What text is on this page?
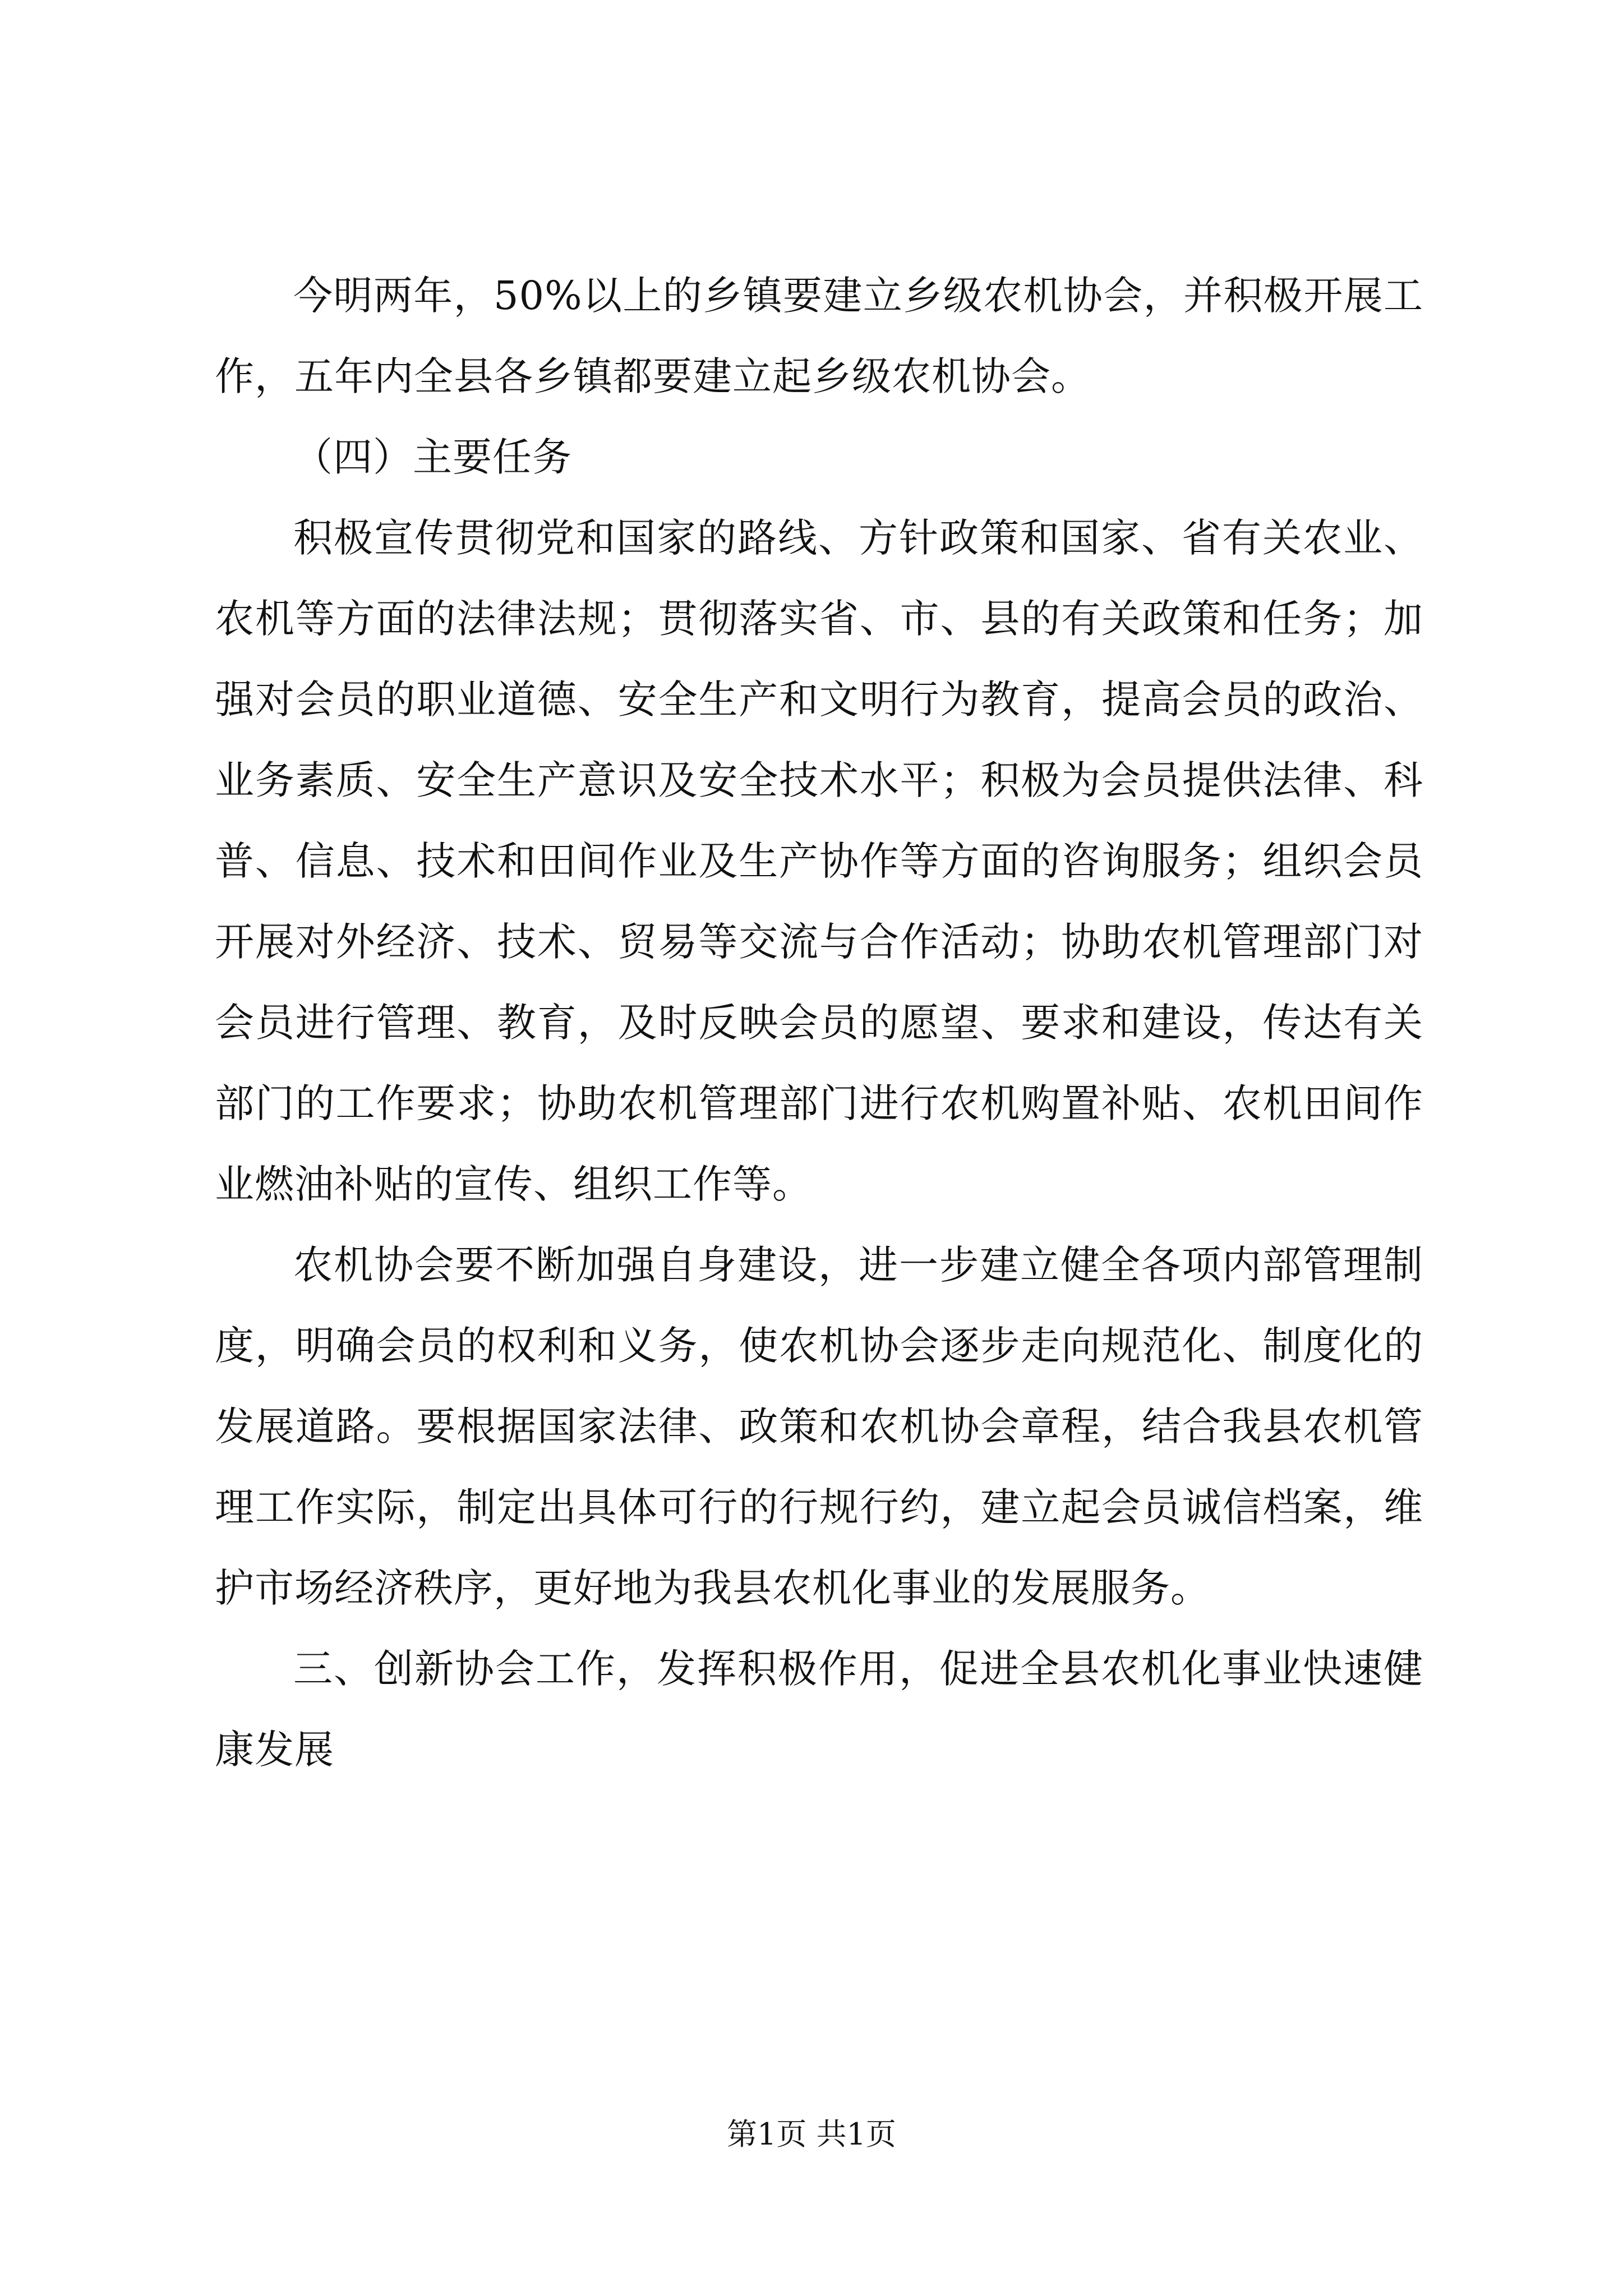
今明两年，50%以上的乡镇要建立乡级农机协会，并积极开展工作，五年内全县各乡镇都要建立起乡级农机协会。

（四）主要任务

积极宣传贯彻党和国家的路线、方针政策和国家、省有关农业、农机等方面的法律法规；贯彻落实省、市、县的有关政策和任务；加强对会员的职业道德、安全生产和文明行为教育，提高会员的政治、业务素质、安全生产意识及安全技术水平；积极为会员提供法律、科普、信息、技术和田间作业及生产协作等方面的咨询服务；组织会员开展对外经济、技术、贸易等交流与合作活动；协助农机管理部门对会员进行管理、教育，及时反映会员的愿望、要求和建设，传达有关部门的工作要求；协助农机管理部门进行农机购置补贴、农机田间作业燃油补贴的宣传、组织工作等。

农机协会要不断加强自身建设，进一步建立健全各项内部管理制度，明确会员的权利和义务，使农机协会逐步走向规范化、制度化的发展道路。要根据国家法律、政策和农机协会章程，结合我县农机管理工作实际，制定出具体可行的行规行约，建立起会员诚信档案，维护市场经济秩序，更好地为我县农机化事业的发展服务。

三、创新协会工作，发挥积极作用，促进全县农机化事业快速健康发展

第1页 共1页
